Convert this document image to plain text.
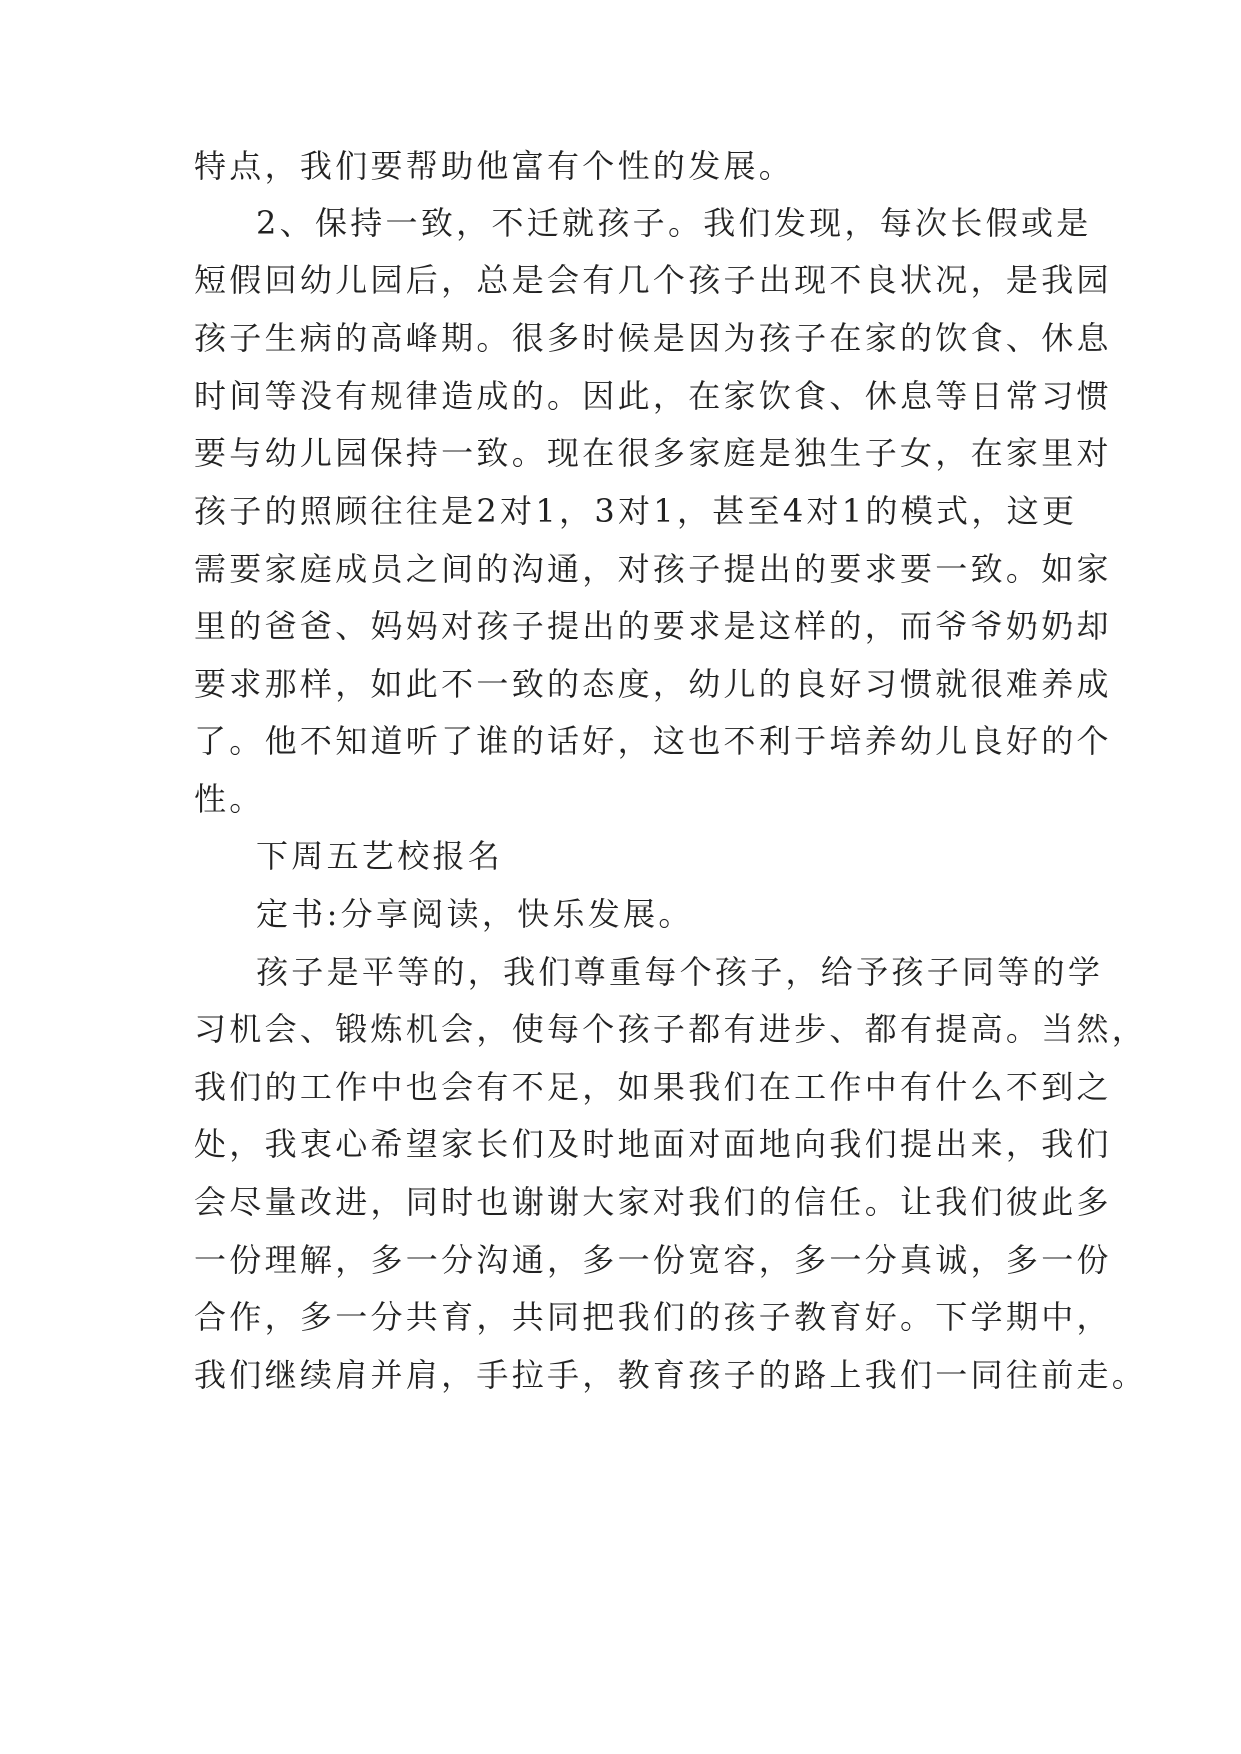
特点，我们要帮助他富有个性的发展。
2、保持一致，不迁就孩子。我们发现，每次长假或是
短假回幼儿园后，总是会有几个孩子出现不良状况，是我园
孩子生病的高峰期。很多时候是因为孩子在家的饮食、休息
时间等没有规律造成的。因此，在家饮食、休息等日常习惯
要与幼儿园保持一致。现在很多家庭是独生子女，在家里对
孩子的照顾往往是2对1，3对1，甚至4对1的模式，这更
需要家庭成员之间的沟通，对孩子提出的要求要一致。如家
里的爸爸、妈妈对孩子提出的要求是这样的，而爷爷奶奶却
要求那样，如此不一致的态度，幼儿的良好习惯就很难养成
了。他不知道听了谁的话好，这也不利于培养幼儿良好的个
性。
下周五艺校报名
定书:分享阅读，快乐发展。
孩子是平等的，我们尊重每个孩子，给予孩子同等的学
习机会、锻炼机会，使每个孩子都有进步、都有提高。当然，
我们的工作中也会有不足，如果我们在工作中有什么不到之
处，我衷心希望家长们及时地面对面地向我们提出来，我们
会尽量改进，同时也谢谢大家对我们的信任。让我们彼此多
一份理解，多一分沟通，多一份宽容，多一分真诚，多一份
合作，多一分共育，共同把我们的孩子教育好。下学期中，
我们继续肩并肩，手拉手，教育孩子的路上我们一同往前走。
